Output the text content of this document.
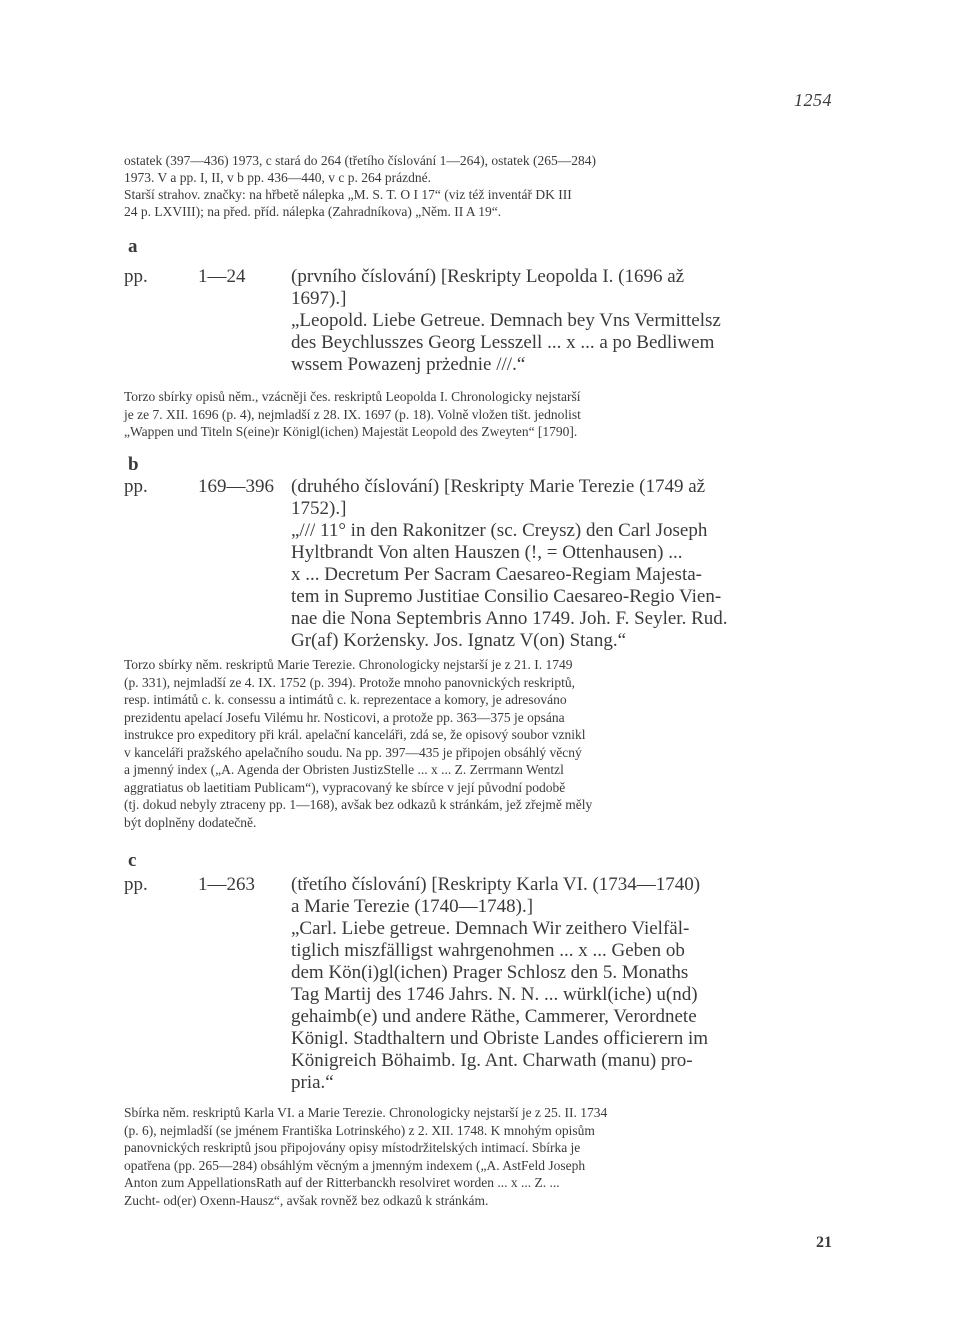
1254
ostatek (397—436) 1973, c stará do 264 (třetího číslování 1—264), ostatek (265—284)
1973. V a pp. I, II, v b pp. 436—440, v c p. 264 prázdné.
Starší strahov. značky: na hřbetě nálepka „M. S. T. O I 17“ (viz též inventář DK III
24 p. LXVIII); na před. příd. nálepka (Zahradníkova) „Něm. II A 19“.
a
pp.	1—24 (prvního číslování) [Reskripty Leopolda I. (1696 až
1697).]
„Leopold. Liebe Getreue. Demnach bey Vns Vermittelsz
des Beychlusszes Georg Lesszell ... x ... a po Bedliwem
wssem Powazenj prżednie ///.“
Torzo sbírky opisů něm., vzácněji čes. reskriptů Leopolda I. Chronologicky nejstarší
je ze 7. XII. 1696 (p. 4), nejmladší z 28. IX. 1697 (p. 18). Volně vložen tišt. jednolist
„Wappen und Titeln S(eine)r Königl(ichen) Majestät Leopold des Zweyten“ [1790].
b
pp.	169—396 (druhého číslování) [Reskripty Marie Terezie (1749 až
1752).]
„/// 11° in den Rakonitzer (sc. Creysz) den Carl Joseph
Hyltbrandt Von alten Hauszen (!, = Ottenhausen) ...
x ... Decretum Per Sacram Caesareo-Regiam Majesta-
tem in Supremo Justitiae Consilio Caesareo-Regio Vien-
nae die Nona Septembris Anno 1749. Joh. F. Seyler. Rud.
Gr(af) Korżensky. Jos. Ignatz V(on) Stang.“
Torzo sbírky něm. reskriptů Marie Terezie. Chronologicky nejstarší je z 21. I. 1749
(p. 331), nejmladší ze 4. IX. 1752 (p. 394). Protože mnoho panovnických reskriptů,
resp. intimátů c. k. consessu a intimátů c. k. reprezentace a komory, je adresováno
prezidentu apelací Josefu Vilému hr. Nosticovi, a protože pp. 363—375 je opsána
instrukce pro expeditory při král. apelační kanceláři, zdá se, že opisový soubor vznikl
v kanceláři pražského apelačního soudu. Na pp. 397—435 je připojen obsáhlý věcný
a jmenný index („A. Agenda der Obristen JustizStelle ... x ... Z. Zerrmann Wentzl
aggratiatus ob laetitiam Publicam“), vypracovaný ke sbírce v její původní podobě
(tj. dokud nebyly ztraceny pp. 1—168), avšak bez odkazů k stránkám, jež zřejmě měly
být doplněny dodatečně.
c
pp.	1—263 (třetího číslování) [Reskripty Karla VI. (1734—1740)
a Marie Terezie (1740—1748).]
„Carl. Liebe getreue. Demnach Wir zeithero Vielfäl-
tiglich miszfälligst wahrgenohmen ... x ... Geben ob
dem Kön(i)gl(ichen) Prager Schlosz den 5. Monaths
Tag Martij des 1746 Jahrs. N. N. ... würkl(iche) u(nd)
gehaimb(e) und andere Räthe, Cammerer, Verordnete
Königl. Stadthaltern und Obriste Landes officierern im
Königreich Böhaimb. Ig. Ant. Charwath (manu) pro-
pria.“
Sbírka něm. reskriptů Karla VI. a Marie Terezie. Chronologicky nejstarší je z 25. II. 1734
(p. 6), nejmladší (se jménem Františka Lotrinského) z 2. XII. 1748. K mnohým opisům
panovnických reskriptů jsou připojovány opisy místodržitelských intimací. Sbírka je
opatřena (pp. 265—284) obsáhlým věcným a jmenným indexem („A. AstFeld Joseph
Anton zum AppellationsRath auf der Ritterbanckh resolviret worden ... x ... Z. ...
Zucht- od(er) Oxenn-Hausz“, avšak rovněž bez odkazů k stránkám.
21
